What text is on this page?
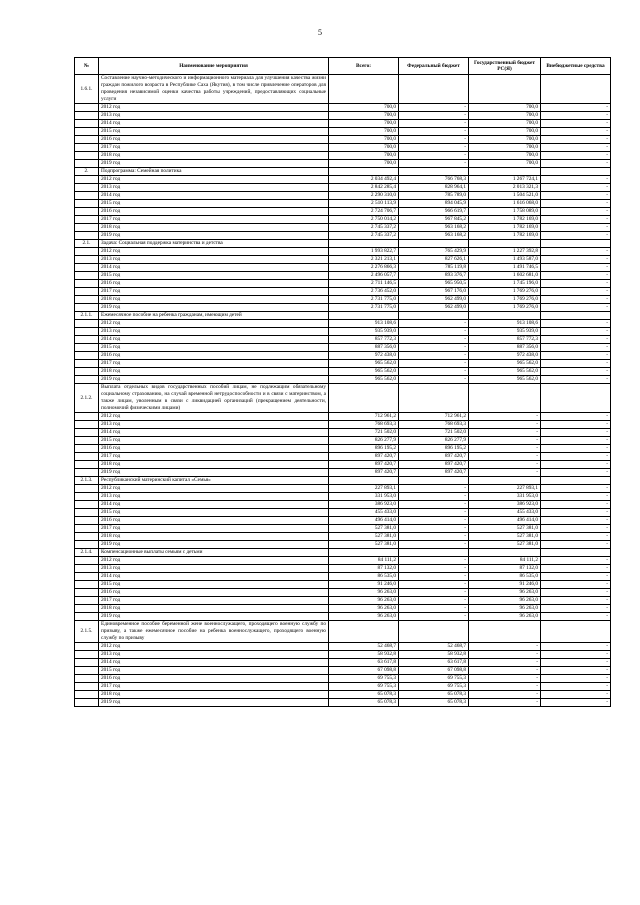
5
№	Наименование мероприятия	Всего:	Федеральный бюджет	Государственный бюджет РС(Я)	Внебюджетные средства
1.6.1.	Составление научно-методического и информационного материала для улучшения качества жизни граждан пожилого возраста в Республике Саха (Якутия), в том числе привлечение операторов для проведения независимой оценки качества работы учреждений, предоставляющих социальные услуги				
	2012 год	700,0	-	700,0	-
	2013 год	700,0	-	700,0	-
	2014 год	700,0	-	700,0	-
	2015 год	700,0	-	700,0	-
	2016 год	700,0	-	700,0	-
	2017 год	700,0	-	700,0	-
	2018 год	700,0	-	700,0	-
	2019 год	700,0	-	700,0	-
2.	Подпрограмма: Семейная политика				
	2012 год	2 034 492,4	766 768,3	1 267 724,1	-
	2013 год	2 842 285,4	828 964,1	2 013 321,3	-
	2014 год	2 290 310,0	785 789,0	1 504 521,0	-
	2015 год	2 510 113,9	894 045,9	1 616 068,0	-
	2016 год	2 724 706,7	966 619,7	1 758 089,0	-
	2017 год	2 750 014,2	967 845,2	1 782 169,0	-
	2018 год	2 745 337,2	963 168,2	1 782 169,0	-
	2019 год	2 745 337,2	963 168,2	1 782 169,0	-
2.1.	Задача: Социальная поддержка материнства и детства				
	2012 год	1 993 822,7	765 429,9	1 227 392,8	-
	2013 год	2 321 213,1	827 626,1	1 493 587,0	-
	2014 год	2 276 866,3	785 119,8	1 491 746,5	-
	2015 год	2 496 057,7	893 376,7	1 602 681,0	-
	2016 год	2 711 146,5	965 950,5	1 745 196,0	-
	2017 год	2 736 452,0	967 176,0	1 769 276,0	-
	2018 год	2 731 775,0	962 499,0	1 769 276,0	-
	2019 год	2 731 775,0	962 499,0	1 769 276,0	-
2.1.1.	Ежемесячное пособие на ребенка гражданам, имеющим детей				
	2012 год	913 108,6	-	913 108,6	-
	2013 год	935 939,0	-	935 939,0	-
	2014 год	857 772,3	-	857 772,3	-
	2015 год	887 356,0	-	887 356,0	-
	2016 год	972 438,0	-	972 438,0	-
	2017 год	965 562,0	-	965 562,0	-
	2018 год	965 562,0	-	965 562,0	-
	2019 год	965 562,0	-	965 562,0	-
2.1.2.	Выплата отдельных видов государственных пособий лицам, не подлежащим обязательному социальному страхованию, на случай временной нетрудоспособности и в связи с материнством, а также лицам, уволенным в связи с ликвидацией организаций (прекращением деятельности, полномочий физическими лицами)				
	2012 год	712 961,2	712 961,2	-	-
	2013 год	768 693,3	768 693,3	-	-
	2014 год	721 502,0	721 502,0	-	-
	2015 год	826 277,9	826 277,9	-	-
	2016 год	896 195,2	896 195,2	-	-
	2017 год	897 420,7	897 420,7	-	-
	2018 год	897 420,7	897 420,7	-	-
	2019 год	897 420,7	897 420,7	-	-
2.1.3.	Республиканский материнский капитал «Семья»				
	2012 год	227 893,1	-	227 893,1	-
	2013 год	331 953,0	-	331 953,0	-
	2014 год	386 923,0	-	386 923,0	-
	2015 год	455 433,0	-	455 433,0	-
	2016 год	496 414,0	-	496 414,0	-
	2017 год	527 381,0	-	527 381,0	-
	2018 год	527 381,0	-	527 381,0	-
	2019 год	527 381,0	-	527 381,0	-
2.1.4.	Компенсационные выплаты семьям с детьми				
	2012 год	84 111,2	-	84 111,2	-
	2013 год	87 132,0	-	87 132,0	-
	2014 год	86 535,0	-	86 535,0	-
	2015 год	91 246,0	-	91 246,0	-
	2016 год	96 263,0	-	96 263,0	-
	2017 год	96 263,0	-	96 263,0	-
	2018 год	96 263,0	-	96 263,0	-
	2019 год	96 263,0	-	96 263,0	-
2.1.5.	Единовременное пособие беременной жене военнослужащего, проходящего военную службу по призыву, а также ежемесячное пособие на ребенка военнослужащего, проходящего военную службу по призыву				
	2012 год	52 468,7	52 468,7	-	-
	2013 год	58 932,8	58 932,8	-	-
	2014 год	63 617,8	63 617,8	-	-
	2015 год	67 098,8	67 098,8	-	-
	2016 год	69 755,3	69 755,3	-	-
	2017 год	69 755,3	69 755,3	-	-
	2018 год	65 078,3	65 078,3	-	-
	2019 год	65 078,3	65 078,3	-	-
